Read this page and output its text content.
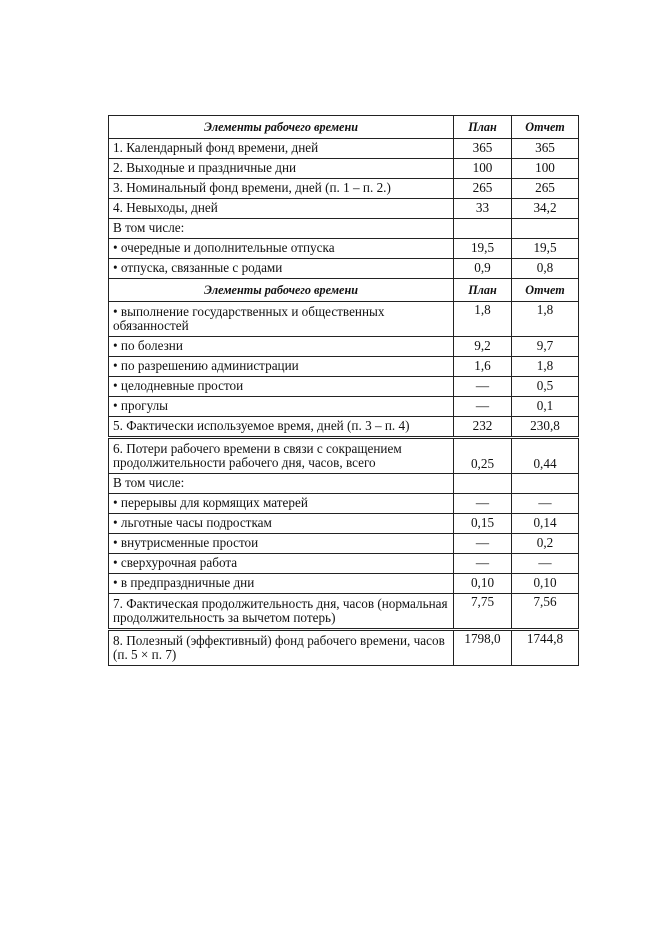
Элементы рабочего времени	План	Отчет
1. Календарный фонд времени, дней	365	365
2. Выходные и праздничные дни	100	100
3. Номинальный фонд времени, дней (п. 1 – п. 2.)	265	265
4. Невыходы, дней	33	34,2
В том числе:		
• очередные и дополнительные отпуска	19,5	19,5
• отпуска, связанные с родами	0,9	0,8
Элементы рабочего времени	План	Отчет
• выполнение государственных и общественных обязанностей	1,8	1,8
• по болезни	9,2	9,7
• по разрешению администрации	1,6	1,8
• целодневные простои	—	0,5
• прогулы	—	0,1
5. Фактически используемое время, дней (п. 3 – п. 4)	232	230,8
6. Потери рабочего времени в связи с сокращением продолжительности рабочего дня, часов, всего	0,25	0,44
В том числе:		
• перерывы для кормящих матерей	—	—
• льготные часы подросткам	0,15	0,14
• внутрисменные простои	—	0,2
• сверхурочная работа	—	—
• в предпраздничные дни	0,10	0,10
7. Фактическая продолжительность дня, часов (нормальная продолжительность за вычетом потерь)	7,75	7,56
8. Полезный (эффективный) фонд рабочего времени, часов (п. 5 × п. 7)	1798,0	1744,8
